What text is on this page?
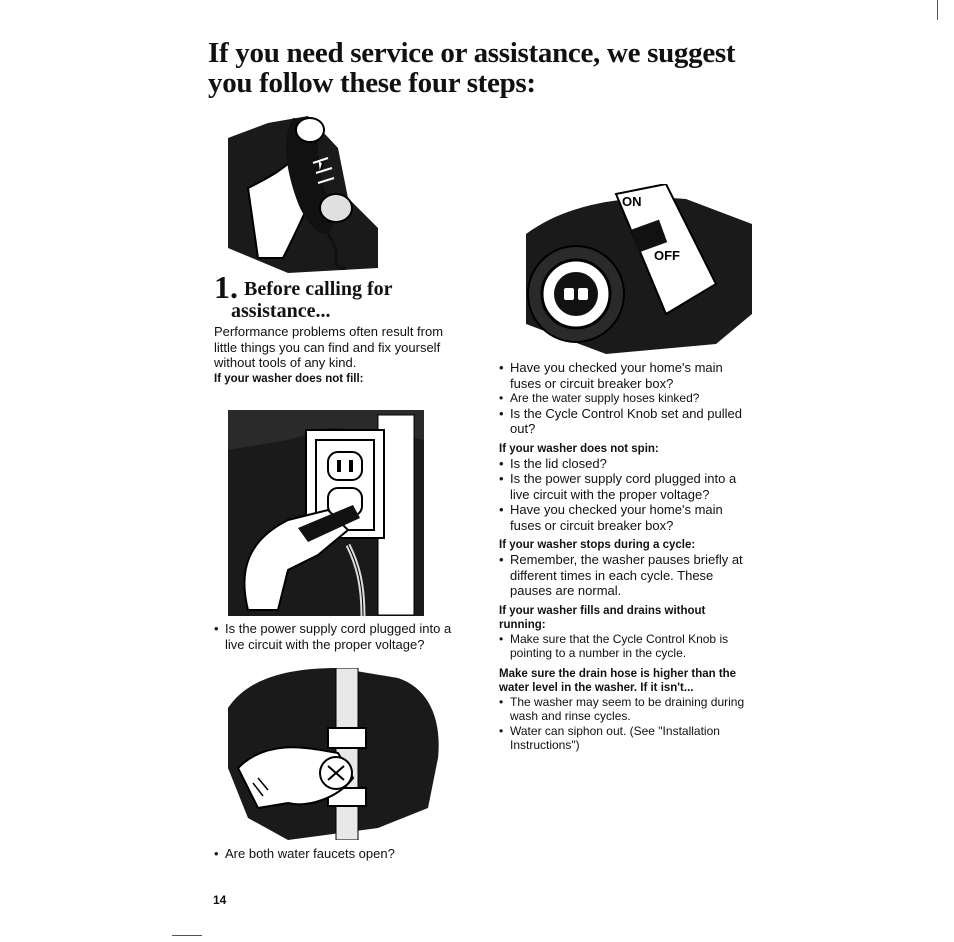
If you need service or assistance, we suggest
you follow these four steps:
1. Before calling for
assistance...

Performance problems often result from little things you can find and fix yourself without tools of any kind.

If your washer does not fill:

• Is the power supply cord plugged into a live circuit with the proper voltage?
• Are both water faucets open?
ON
OFF
• Have you checked your home's main fuses or circuit breaker box?
• Are the water supply hoses kinked?
• Is the Cycle Control Knob set and pulled out?

If your washer does not spin:

• Is the lid closed?
• Is the power supply cord plugged into a live circuit with the proper voltage?
• Have you checked your home's main fuses or circuit breaker box?

If your washer stops during a cycle:

• Remember, the washer pauses briefly at different times in each cycle. These pauses are normal.

If your washer fills and drains without running:

• Make sure that the Cycle Control Knob is pointing to a number in the cycle.

Make sure the drain hose is higher than the water level in the washer. If it isn't...

• The washer may seem to be draining during wash and rinse cycles.
• Water can siphon out. (See "Installation Instructions")
14
